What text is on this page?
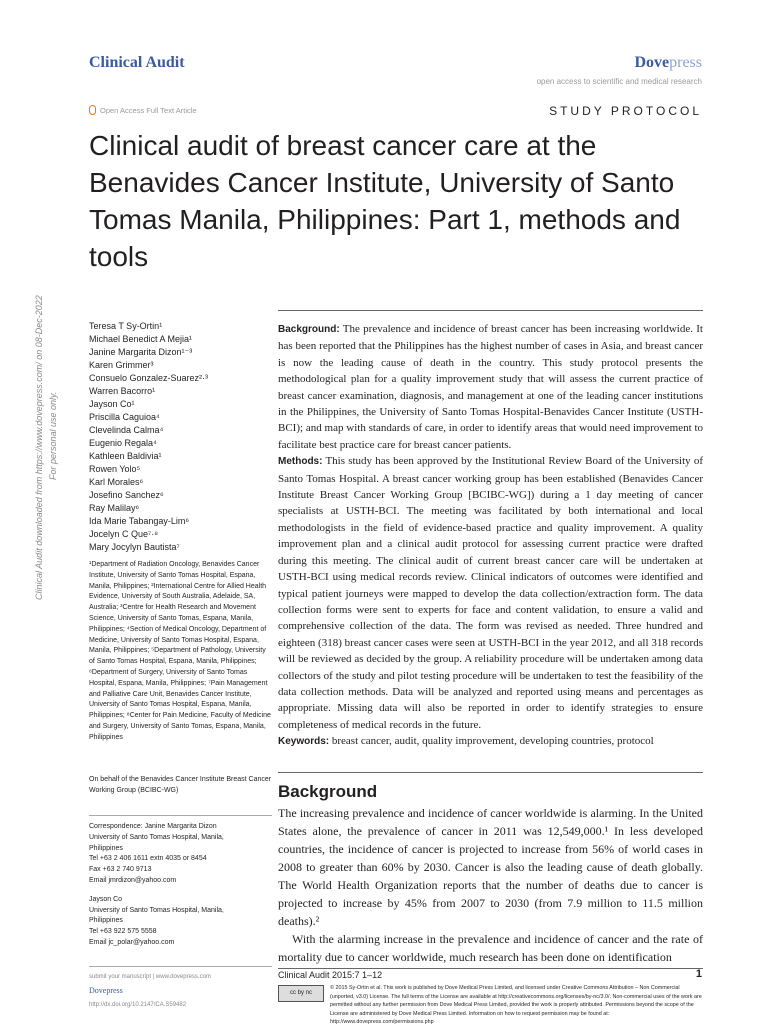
Clinical Audit	Dovepress
open access to scientific and medical research
Open Access Full Text Article	STUDY PROTOCOL
Clinical audit of breast cancer care at the Benavides Cancer Institute, University of Santo Tomas Manila, Philippines: Part 1, methods and tools
Clinical Audit downloaded from https://www.dovepress.com/ on 08-Dec-2022 For personal use only.
Teresa T Sy-Ortin¹
Michael Benedict A Mejia¹
Janine Margarita Dizon¹⁻³
Karen Grimmer³
Consuelo Gonzalez-Suarez²·³
Warren Bacorro¹
Jayson Co¹
Priscilla Caguioa⁴
Clevelinda Calma⁴
Eugenio Regala⁴
Kathleen Baldivia¹
Rowen Yolo⁵
Karl Morales⁶
Josefino Sanchez⁶
Ray Malilay⁶
Ida Marie Tabangay-Lim⁶
Jocelyn C Que⁷·⁸
Mary Jocylyn Bautista⁷
¹Department of Radiation Oncology, Benavides Cancer Institute, University of Santo Tomas Hospital, Espana, Manila, Philippines; ²International Centre for Allied Health Evidence, University of South Australia, Adelaide, SA, Australia; ³Centre for Health Research and Movement Science, University of Santo Tomas, Espana, Manila, Philippines; ⁴Section of Medical Oncology, Department of Medicine, University of Santo Tomas Hospital, Espana, Manila, Philippines; ⁵Department of Pathology, University of Santo Tomas Hospital, Espana, Manila, Philippines; ⁶Department of Surgery, University of Santo Tomas Hospital, Espana, Manila, Philippines; ⁷Pain Management and Palliative Care Unit, Benavides Cancer Institute, University of Santo Tomas Hospital, Espana, Manila, Philippines; ⁸Center for Pain Medicine, Faculty of Medicine and Surgery, University of Santo Tomas, Espana, Manila, Philippines
On behalf of the Benavides Cancer Institute Breast Cancer Working Group (BCIBC-WG)
Correspondence: Janine Margarita Dizon
University of Santo Tomas Hospital, Manila,
Philippines
Tel +63 2 406 1611 extn 4035 or 8454
Fax +63 2 740 9713
Email jmrdizon@yahoo.com
Jayson Co
University of Santo Tomas Hospital, Manila,
Philippines
Tel +63 922 575 5558
Email jc_polar@yahoo.com
submit your manuscript | www.dovepress.com
Dovepress
http://dx.doi.org/10.2147/CA.S59482

Background: The prevalence and incidence of breast cancer has been increasing worldwide. It has been reported that the Philippines has the highest number of cases in Asia, and breast cancer is now the leading cause of death in the country. This study protocol presents the methodological plan for a quality improvement study that will assess the current practice of breast cancer examination, diagnosis, and management at one of the leading cancer institutions in the Philippines, the University of Santo Tomas Hospital-Benavides Cancer Institute (USTH-BCI); and map with standards of care, in order to identify areas that would need improvement to facilitate best practice care for breast cancer patients.

Methods: This study has been approved by the Institutional Review Board of the University of Santo Tomas Hospital. A breast cancer working group has been established (Benavides Cancer Institute Breast Cancer Working Group [BCIBC-WG]) during a 1 day meeting of cancer specialists at USTH-BCI. The meeting was facilitated by both international and local methodologists in the field of evidence-based practice and quality improvement. A quality improvement plan and a clinical audit protocol for assessing current practice were drafted during this meeting. The clinical audit of current breast cancer care will be undertaken at USTH-BCI using medical records review. Clinical indicators of outcomes were identified and typical patient journeys were mapped to develop the data collection/extraction form. The data collection forms were sent to experts for face and content validation, to ensure a valid and comprehensive collection of the data. The form was revised as needed. Three hundred and eighteen (318) breast cancer cases were seen at USTH-BCI in the year 2012, and all 318 records will be reviewed as decided by the group. A reliability procedure will be undertaken among data collectors of the study and pilot testing procedure will be undertaken to test the feasibility of the data collection methods. Data will be analyzed and reported using means and percentages as appropriate. Missing data will also be reported in order to identify strategies to ensure completeness of medical records in the future.

Keywords: breast cancer, audit, quality improvement, developing countries, protocol

Background

The increasing prevalence and incidence of cancer worldwide is alarming. In the United States alone, the prevalence of cancer in 2011 was 12,549,000.¹ In less developed countries, the incidence of cancer is projected to increase from 56% of world cases in 2008 to greater than 60% by 2030. Cancer is also the leading cause of death globally. The World Health Organization reports that the number of deaths due to cancer is projected to increase by 45% from 2007 to 2030 (from 7.9 million to 11.5 million deaths).²

With the alarming increase in the prevalence and incidence of cancer and the rate of mortality due to cancer worldwide, much research has been done on identification

Clinical Audit 2015:7 1–12	1
cc by nc
© 2015 Sy-Ortin et al. This work is published by Dove Medical Press Limited, and licensed under Creative Commons Attribution – Non Commercial (unported, v3.0) License. The full terms of the License are available at http://creativecommons.org/licenses/by-nc/3.0/. Non-commercial uses of the work are permitted without any further permission from Dove Medical Press Limited, provided the work is properly attributed. Permissions beyond the scope of the License are administered by Dove Medical Press Limited. Information on how to request permission may be found at: http://www.dovepress.com/permissions.php
